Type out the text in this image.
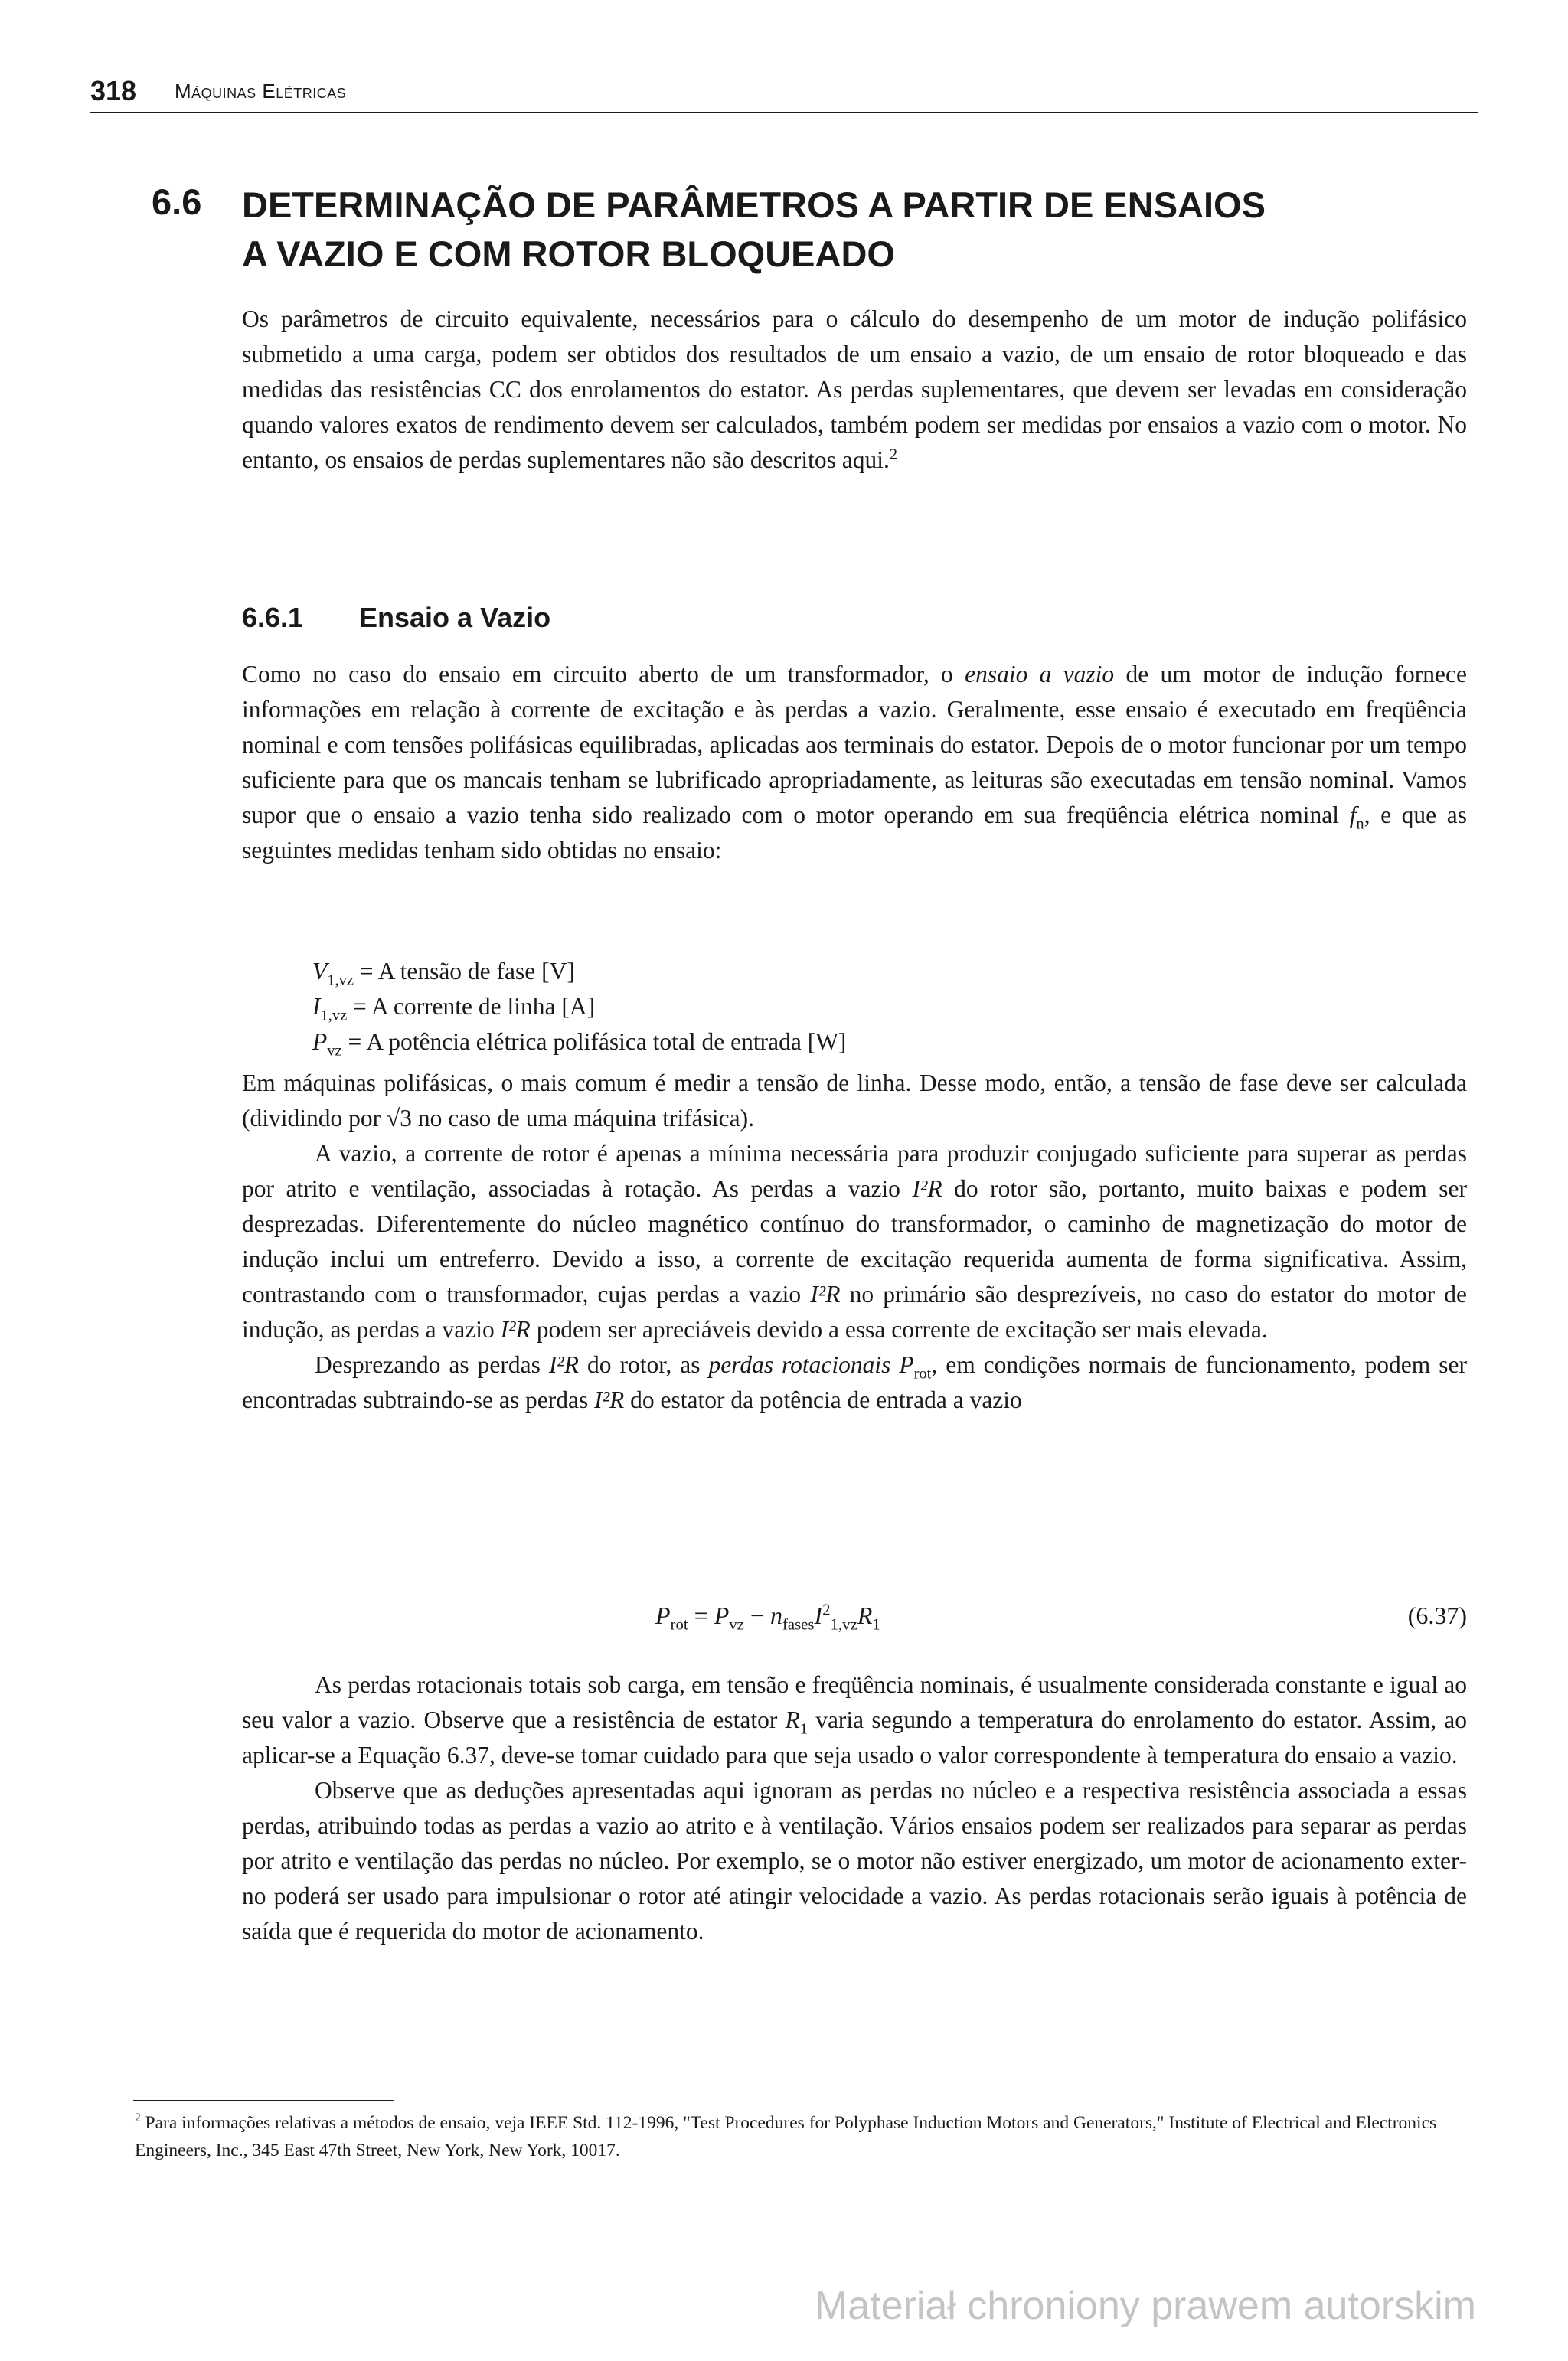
318 Máquinas Elétricas
6.6 DETERMINAÇÃO DE PARÂMETROS A PARTIR DE ENSAIOS
A VAZIO E COM ROTOR BLOQUEADO

Os parâmetros de circuito equivalente, necessários para o cálculo do desempenho de um motor de indução polifásico submetido a uma carga, podem ser obtidos dos resultados de um ensaio a vazio, de um ensaio de rotor bloqueado e das medidas das resistências CC dos enrolamentos do estator. As perdas suplementares, que devem ser levadas em consideração quando valores exatos de rendimento devem ser calculados, também podem ser medidas por ensaios a vazio com o motor. No entanto, os ensaios de perdas suplementares não são descritos aqui.$^2$

6.6.1 Ensaio a Vazio

Como no caso do ensaio em circuito aberto de um transformador, o ensaio a vazio de um motor de indução fornece informações em relação à corrente de excitação e às perdas a vazio. Geralmente, esse ensaio é executado em freqüência nominal e com tensões polifásicas equilibradas, aplicadas aos terminais do estator. Depois de o motor funcionar por um tempo suficiente para que os mancais tenham se lubrificado apropriadamente, as leituras são executadas em tensão nominal. Vamos supor que o ensaio a vazio tenha sido realizado com o motor operando em sua freqüência elétrica nominal $f_n$, e que as seguintes medidas tenham sido obtidas no ensaio:

$V_{1,vz} = A$ tensão de fase [V]
$I_{1,vz} = A$ corrente de linha [A]
$P_{vz} = A$ potência elétrica polifásica total de entrada [W]

Em máquinas polifásicas, o mais comum é medir a tensão de linha. Desse modo, então, a tensão de fase deve ser calculada (dividindo por √3 no caso de uma máquina trifásica).

A vazio, a corrente de rotor é apenas a mínima necessária para produzir conjugado suficiente para superar as perdas por atrito e ventilação, associadas à rotação. As perdas a vazio I²R do rotor são, portanto, muito baixas e podem ser desprezadas. Diferentemente do núcleo magnético contínuo do transformador, o caminho de magnetização do motor de indução inclui um entreferro. Devido a isso, a corrente de excitação requerida aumenta de forma significativa. Assim, contrastando com o transformador, cujas perdas a vazio I²R no primário são desprezíveis, no caso do estator do motor de indução, as perdas a vazio I²R podem ser apreciáveis devido a essa corrente de excitação ser mais elevada.

Desprezando as perdas I²R do rotor, as perdas rotacionais $P_{rot}$, em condições normais de funcionamento, podem ser encontradas subtraindo-se as perdas I²R do estator da potência de entrada a vazio

$P_{rot} = P_{vz} - n_{fases}I^2_{1,vz}R_1$	(6.37)

As perdas rotacionais totais sob carga, em tensão e freqüência nominais, é usualmente considerada constante e igual ao seu valor a vazio. Observe que a resistência de estator $R_1$ varia segundo a temperatura do enrolamento do estator. Assim, ao aplicar-se a Equação 6.37, deve-se tomar cuidado para que seja usado o valor correspondente à temperatura do ensaio a vazio.

Observe que as deduções apresentadas aqui ignoram as perdas no núcleo e a respectiva resistência associada a essas perdas, atribuindo todas as perdas a vazio ao atrito e à ventilação. Vários ensaios podem ser realizados para separar as perdas por atrito e ventilação das perdas no núcleo. Por exemplo, se o motor não estiver energizado, um motor de acionamento externo poderá ser usado para impulsionar o rotor até atingir velocidade a vazio. As perdas rotacionais serão iguais à potência de saída que é requerida do motor de acionamento.

$^2$ Para informações relativas a métodos de ensaio, veja IEEE Std. 112-1996, "Test Procedures for Polyphase Induction Motors and Generators," Institute of Electrical and Electronics Engineers, Inc., 345 East 47th Street, New York, New York, 10017.
Materiał chroniony prawem autorskim
